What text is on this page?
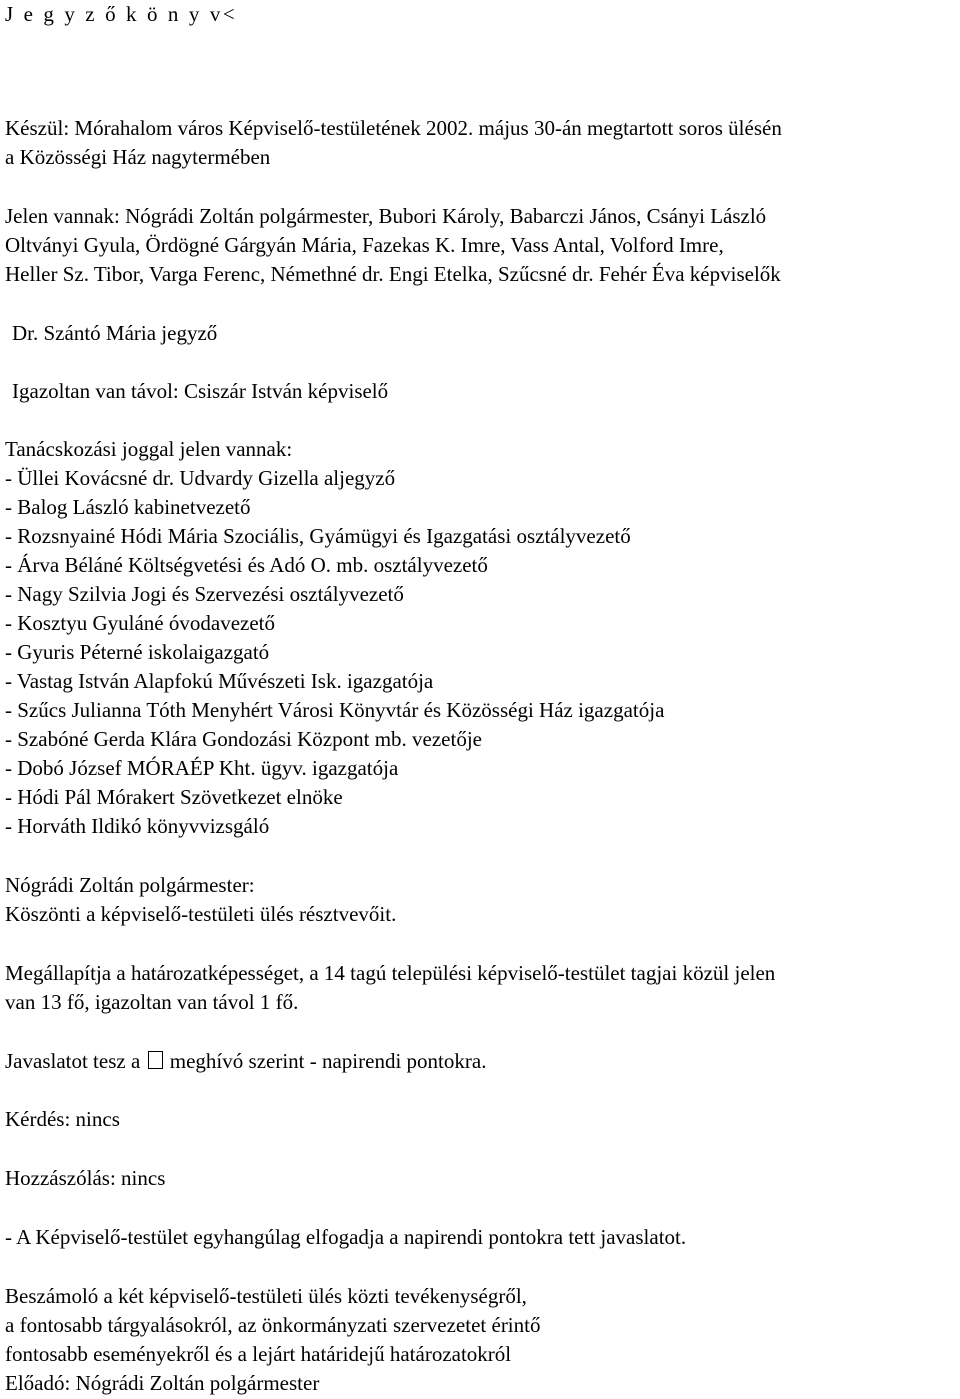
J e g y z ő k ö n y v<
Készül: Mórahalom város Képviselő-testületének 2002. május 30-án megtartott soros ülésén
a Közösségi Ház nagytermében
Jelen vannak: Nógrádi Zoltán polgármester, Bubori Károly, Babarczi János, Csányi László
Oltványi Gyula, Ördögné Gárgyán Mária, Fazekas K. Imre, Vass Antal, Volford Imre,
Heller Sz. Tibor, Varga Ferenc, Némethné dr. Engi Etelka, Szűcsné dr. Fehér Éva képviselők
Dr. Szántó Mária jegyző
Igazoltan van távol: Csiszár István képviselő
Tanácskozási joggal jelen vannak:
- Üllei Kovácsné dr. Udvardy Gizella aljegyző
- Balog László kabinetvezető
- Rozsnyainé Hódi Mária Szociális, Gyámügyi és Igazgatási osztályvezető
- Árva Béláné Költségvetési és Adó O. mb. osztályvezető
- Nagy Szilvia Jogi és Szervezési osztályvezető
- Kosztyu Gyuláné óvodavezető
- Gyuris Péterné iskolaigazgató
- Vastag István Alapfokú Művészeti Isk. igazgatója
- Szűcs Julianna Tóth Menyhért Városi Könyvtár és Közösségi Ház igazgatója
- Szabóné Gerda Klára Gondozási Központ mb. vezetője
- Dobó József MÓRAÉP Kht. ügyv. igazgatója
- Hódi Pál Mórakert Szövetkezet elnöke
- Horváth Ildikó könyvvizsgáló
Nógrádi Zoltán polgármester:
Köszönti a képviselő-testületi ülés résztvevőit.
Megállapítja a határozatképességet, a 14 tagú települési képviselő-testület tagjai közül jelen
van 13 fő, igazoltan van távol 1 fő.
Javaslatot tesz a  meghívó szerint - napirendi pontokra.
Kérdés: nincs
Hozzászólás: nincs
- A Képviselő-testület egyhangúlag elfogadja a napirendi pontokra tett javaslatot.
Beszámoló a két képviselő-testületi ülés közti tevékenységről,
a fontosabb tárgyalásokról, az önkormányzati szervezetet érintő
fontosabb eseményekről és a lejárt határidejű határozatokról
Előadó: Nógrádi Zoltán polgármester
